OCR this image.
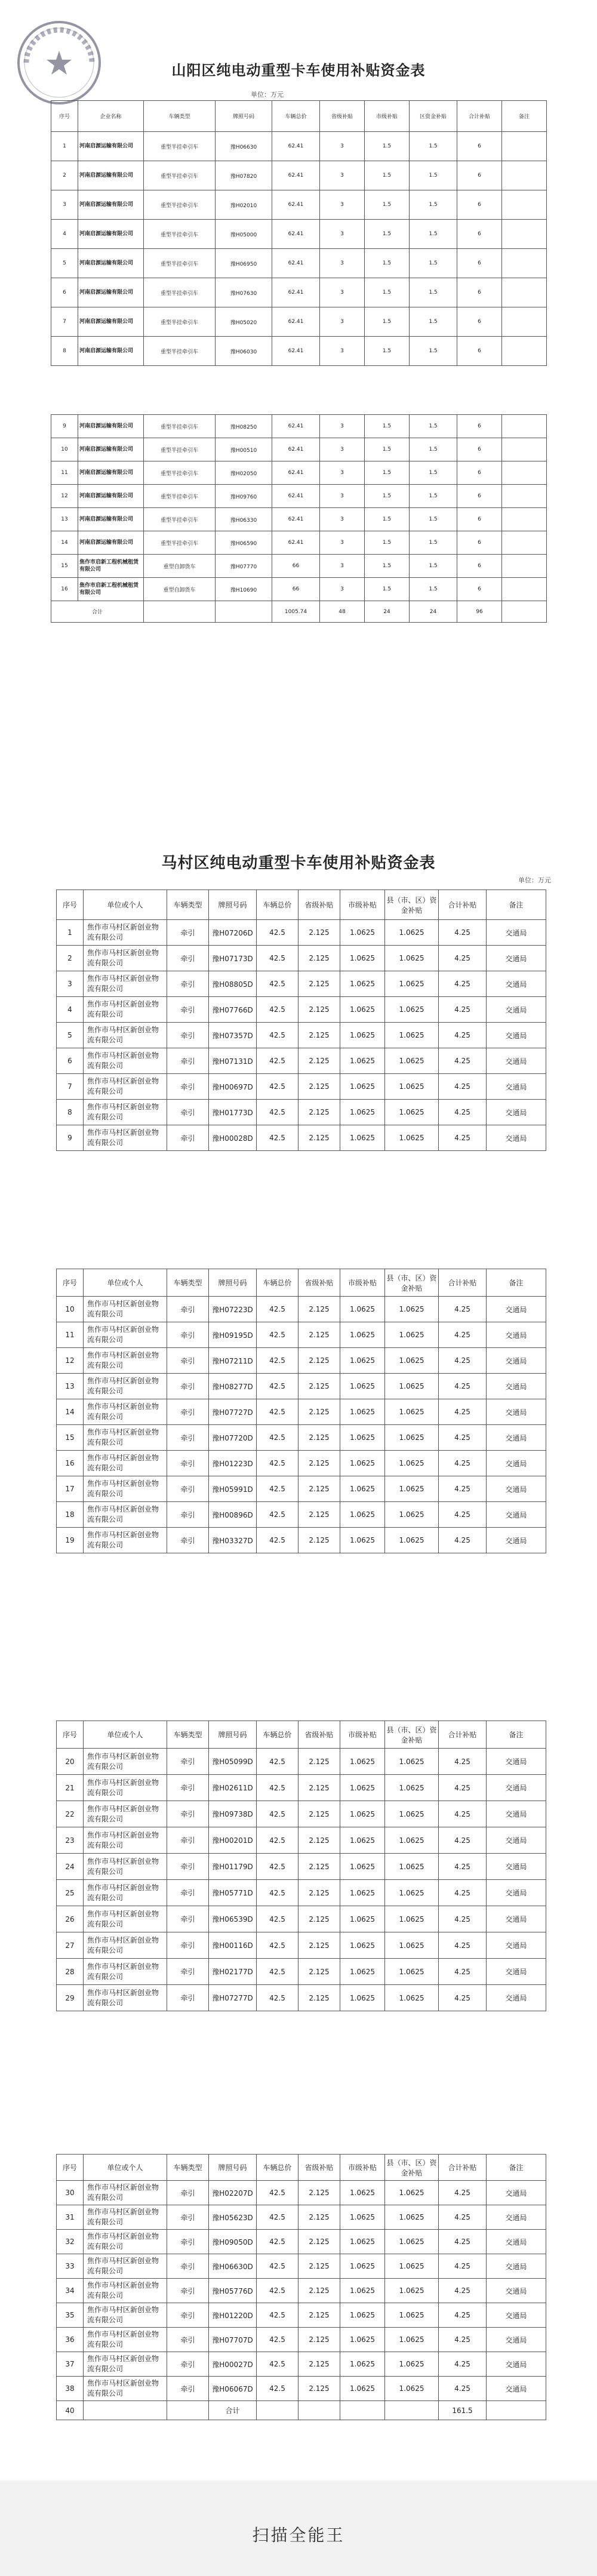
山阳区纯电动重型卡车使用补贴资金表
单位：万元
序号	企业名称	车辆类型	牌照号码	车辆总价	省级补贴	市级补贴	区资金补贴	合计补贴	备注
1	河南启源运输有限公司	重型半挂牵引车	豫H06630	62.41	3	1.5	1.5	6	
2	河南启源运输有限公司	重型半挂牵引车	豫H07820	62.41	3	1.5	1.5	6	
3	河南启源运输有限公司	重型半挂牵引车	豫H02010	62.41	3	1.5	1.5	6	
4	河南启源运输有限公司	重型半挂牵引车	豫H05000	62.41	3	1.5	1.5	6	
5	河南启源运输有限公司	重型半挂牵引车	豫H06950	62.41	3	1.5	1.5	6	
6	河南启源运输有限公司	重型半挂牵引车	豫H07630	62.41	3	1.5	1.5	6	
7	河南启源运输有限公司	重型半挂牵引车	豫H05020	62.41	3	1.5	1.5	6	
8	河南启源运输有限公司	重型半挂牵引车	豫H06030	62.41	3	1.5	1.5	6	
9	河南启源运输有限公司	重型半挂牵引车	豫H08250	62.41	3	1.5	1.5	6	
10	河南启源运输有限公司	重型半挂牵引车	豫H00510	62.41	3	1.5	1.5	6	
11	河南启源运输有限公司	重型半挂牵引车	豫H02050	62.41	3	1.5	1.5	6	
12	河南启源运输有限公司	重型半挂牵引车	豫H09760	62.41	3	1.5	1.5	6	
13	河南启源运输有限公司	重型半挂牵引车	豫H06330	62.41	3	1.5	1.5	6	
14	河南启源运输有限公司	重型半挂牵引车	豫H06590	62.41	3	1.5	1.5	6	
15	焦作市启新工程机械租赁有限公司	重型自卸货车	豫H07770	66	3	1.5	1.5	6	
16	焦作市启新工程机械租赁有限公司	重型自卸货车	豫H10690	66	3	1.5	1.5	6	
合计				1005.74	48	24	24	96	
马村区纯电动重型卡车使用补贴资金表
单位：万元
序号	单位或个人	车辆类型	牌照号码	车辆总价	省级补贴	市级补贴	县（市、区）资金补贴	合计补贴	备注
1	焦作市马村区新创业物流有限公司	牵引	豫H07206D	42.5	2.125	1.0625	1.0625	4.25	交通局
2	焦作市马村区新创业物流有限公司	牵引	豫H07173D	42.5	2.125	1.0625	1.0625	4.25	交通局
3	焦作市马村区新创业物流有限公司	牵引	豫H08805D	42.5	2.125	1.0625	1.0625	4.25	交通局
4	焦作市马村区新创业物流有限公司	牵引	豫H07766D	42.5	2.125	1.0625	1.0625	4.25	交通局
5	焦作市马村区新创业物流有限公司	牵引	豫H07357D	42.5	2.125	1.0625	1.0625	4.25	交通局
6	焦作市马村区新创业物流有限公司	牵引	豫H07131D	42.5	2.125	1.0625	1.0625	4.25	交通局
7	焦作市马村区新创业物流有限公司	牵引	豫H00697D	42.5	2.125	1.0625	1.0625	4.25	交通局
8	焦作市马村区新创业物流有限公司	牵引	豫H01773D	42.5	2.125	1.0625	1.0625	4.25	交通局
9	焦作市马村区新创业物流有限公司	牵引	豫H00028D	42.5	2.125	1.0625	1.0625	4.25	交通局
序号	单位或个人	车辆类型	牌照号码	车辆总价	省级补贴	市级补贴	县（市、区）资金补贴	合计补贴	备注
10	焦作市马村区新创业物流有限公司	牵引	豫H07223D	42.5	2.125	1.0625	1.0625	4.25	交通局
11	焦作市马村区新创业物流有限公司	牵引	豫H09195D	42.5	2.125	1.0625	1.0625	4.25	交通局
12	焦作市马村区新创业物流有限公司	牵引	豫H07211D	42.5	2.125	1.0625	1.0625	4.25	交通局
13	焦作市马村区新创业物流有限公司	牵引	豫H08277D	42.5	2.125	1.0625	1.0625	4.25	交通局
14	焦作市马村区新创业物流有限公司	牵引	豫H07727D	42.5	2.125	1.0625	1.0625	4.25	交通局
15	焦作市马村区新创业物流有限公司	牵引	豫H07720D	42.5	2.125	1.0625	1.0625	4.25	交通局
16	焦作市马村区新创业物流有限公司	牵引	豫H01223D	42.5	2.125	1.0625	1.0625	4.25	交通局
17	焦作市马村区新创业物流有限公司	牵引	豫H05991D	42.5	2.125	1.0625	1.0625	4.25	交通局
18	焦作市马村区新创业物流有限公司	牵引	豫H00896D	42.5	2.125	1.0625	1.0625	4.25	交通局
19	焦作市马村区新创业物流有限公司	牵引	豫H03327D	42.5	2.125	1.0625	1.0625	4.25	交通局
序号	单位或个人	车辆类型	牌照号码	车辆总价	省级补贴	市级补贴	县（市、区）资金补贴	合计补贴	备注
20	焦作市马村区新创业物流有限公司	牵引	豫H05099D	42.5	2.125	1.0625	1.0625	4.25	交通局
21	焦作市马村区新创业物流有限公司	牵引	豫H02611D	42.5	2.125	1.0625	1.0625	4.25	交通局
22	焦作市马村区新创业物流有限公司	牵引	豫H09738D	42.5	2.125	1.0625	1.0625	4.25	交通局
23	焦作市马村区新创业物流有限公司	牵引	豫H00201D	42.5	2.125	1.0625	1.0625	4.25	交通局
24	焦作市马村区新创业物流有限公司	牵引	豫H01179D	42.5	2.125	1.0625	1.0625	4.25	交通局
25	焦作市马村区新创业物流有限公司	牵引	豫H05771D	42.5	2.125	1.0625	1.0625	4.25	交通局
26	焦作市马村区新创业物流有限公司	牵引	豫H06539D	42.5	2.125	1.0625	1.0625	4.25	交通局
27	焦作市马村区新创业物流有限公司	牵引	豫H00116D	42.5	2.125	1.0625	1.0625	4.25	交通局
28	焦作市马村区新创业物流有限公司	牵引	豫H02177D	42.5	2.125	1.0625	1.0625	4.25	交通局
29	焦作市马村区新创业物流有限公司	牵引	豫H07277D	42.5	2.125	1.0625	1.0625	4.25	交通局
序号	单位或个人	车辆类型	牌照号码	车辆总价	省级补贴	市级补贴	县（市、区）资金补贴	合计补贴	备注
30	焦作市马村区新创业物流有限公司	牵引	豫H02207D	42.5	2.125	1.0625	1.0625	4.25	交通局
31	焦作市马村区新创业物流有限公司	牵引	豫H05623D	42.5	2.125	1.0625	1.0625	4.25	交通局
32	焦作市马村区新创业物流有限公司	牵引	豫H09050D	42.5	2.125	1.0625	1.0625	4.25	交通局
33	焦作市马村区新创业物流有限公司	牵引	豫H06630D	42.5	2.125	1.0625	1.0625	4.25	交通局
34	焦作市马村区新创业物流有限公司	牵引	豫H05776D	42.5	2.125	1.0625	1.0625	4.25	交通局
35	焦作市马村区新创业物流有限公司	牵引	豫H01220D	42.5	2.125	1.0625	1.0625	4.25	交通局
36	焦作市马村区新创业物流有限公司	牵引	豫H07707D	42.5	2.125	1.0625	1.0625	4.25	交通局
37	焦作市马村区新创业物流有限公司	牵引	豫H00027D	42.5	2.125	1.0625	1.0625	4.25	交通局
38	焦作市马村区新创业物流有限公司	牵引	豫H06067D	42.5	2.125	1.0625	1.0625	4.25	交通局
40			合计					161.5	
扫描全能王
